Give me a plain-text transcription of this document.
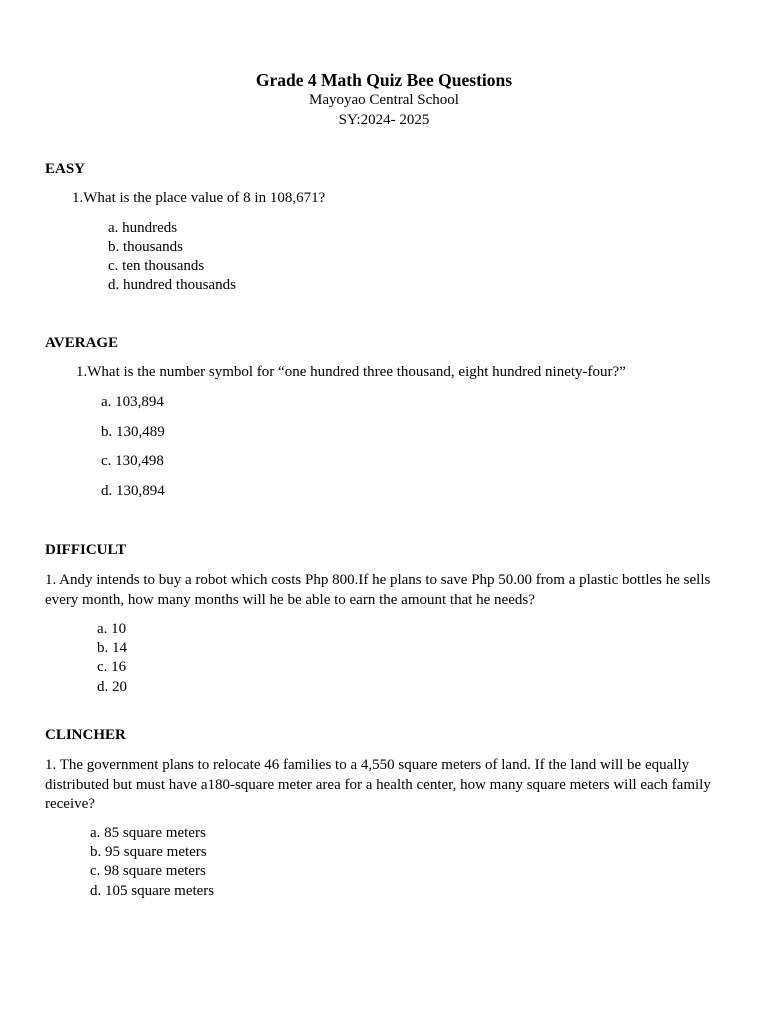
Grade 4 Math Quiz Bee Questions
Mayoyao Central School
SY:2024- 2025
EASY
1.What is the place value of 8 in 108,671?
a. hundreds
b. thousands
c. ten thousands
d. hundred thousands
AVERAGE
1.What is the number symbol for “one hundred three thousand, eight hundred ninety-four?”
a. 103,894
b. 130,489
c. 130,498
d. 130,894
DIFFICULT
1. Andy intends to buy a robot which costs Php 800.If he plans to save Php 50.00 from a plastic bottles he sells every month, how many months will he be able to earn the amount that he needs?
a. 10
b. 14
c. 16
d. 20
CLINCHER
1. The government plans to relocate 46 families to a 4,550 square meters of land. If the land will be equally distributed but must have a180-square meter area for a health center, how many square meters will each family receive?
a. 85 square meters
b. 95 square meters
c. 98 square meters
d. 105 square meters
